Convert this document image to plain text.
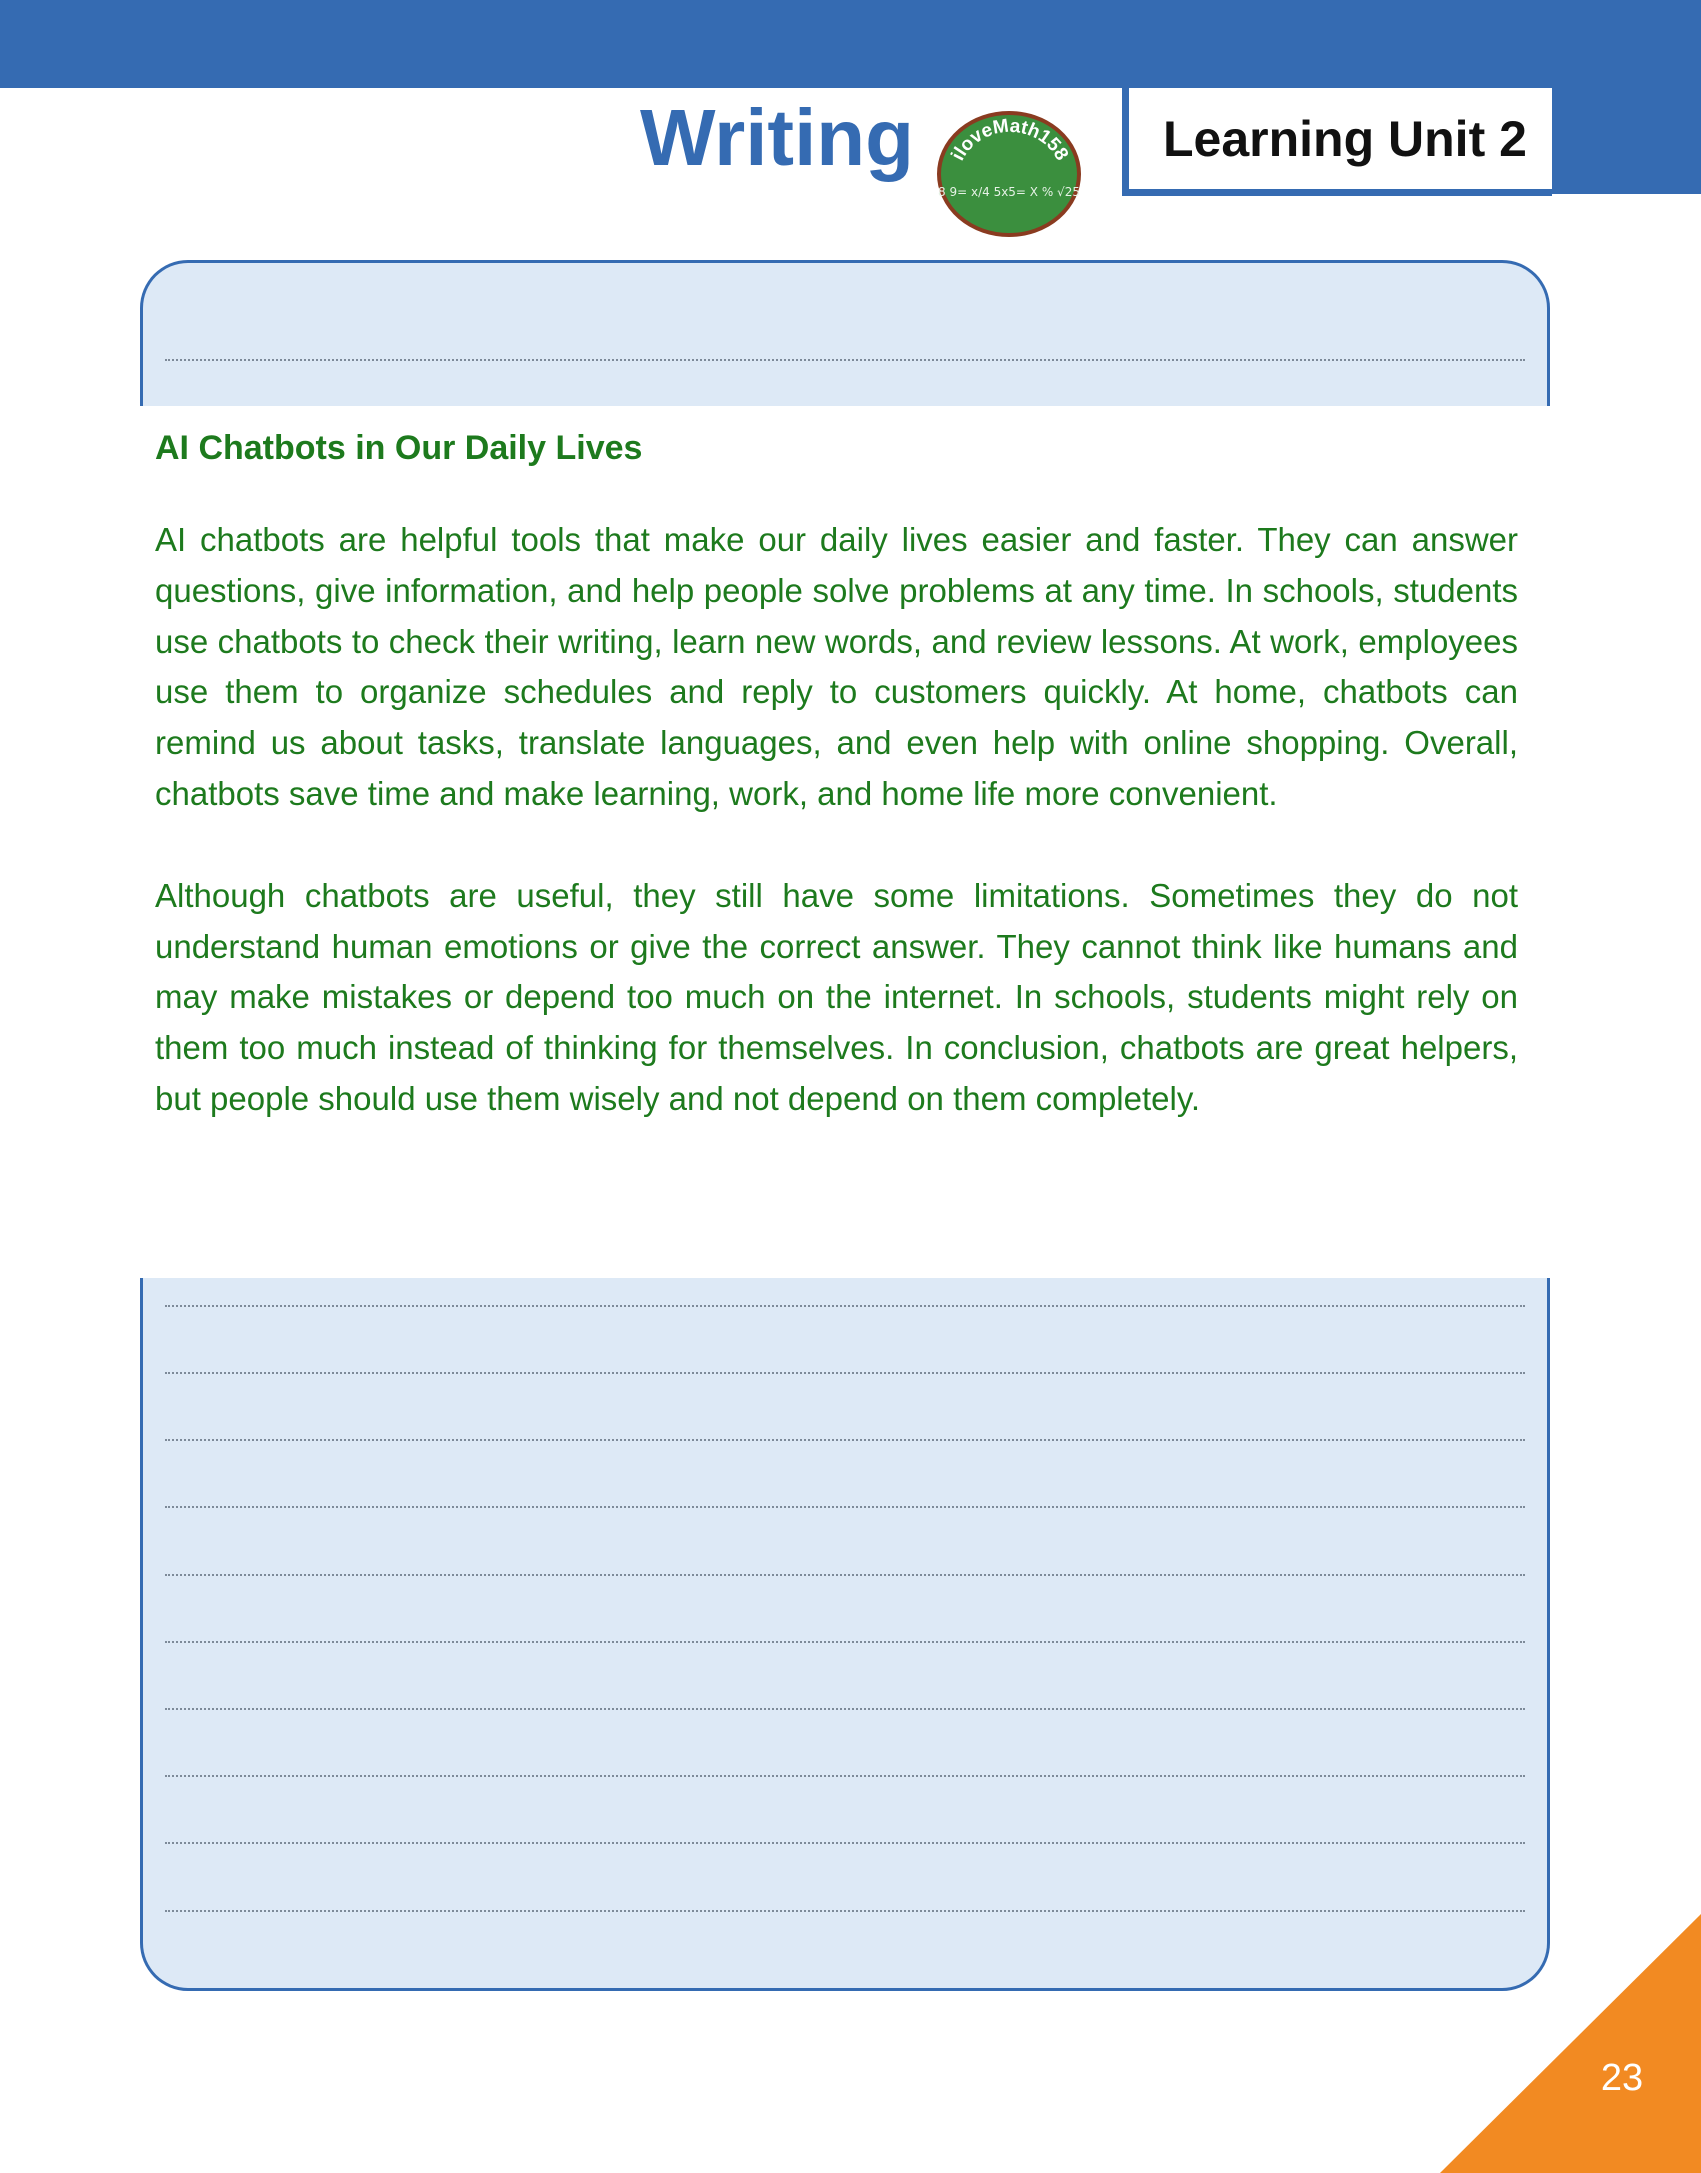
Writing iloveMath158
8 9= x/4 5x5= X % √25
Learning Unit 2
AI Chatbots in Our Daily Lives

AI chatbots are helpful tools that make our daily lives easier and faster. They can answer questions, give information, and help people solve problems at any time. In schools, students use chatbots to check their writing, learn new words, and review lessons. At work, employees use them to organize schedules and reply to customers quickly. At home, chatbots can remind us about tasks, translate languages, and even help with online shopping. Overall, chatbots save time and make learning, work, and home life more convenient.

Although chatbots are useful, they still have some limitations. Sometimes they do not understand human emotions or give the correct answer. They cannot think like humans and may make mistakes or depend too much on the internet. In schools, students might rely on them too much instead of thinking for themselves. In conclusion, chatbots are great helpers, but people should use them wisely and not depend on them completely.

23
